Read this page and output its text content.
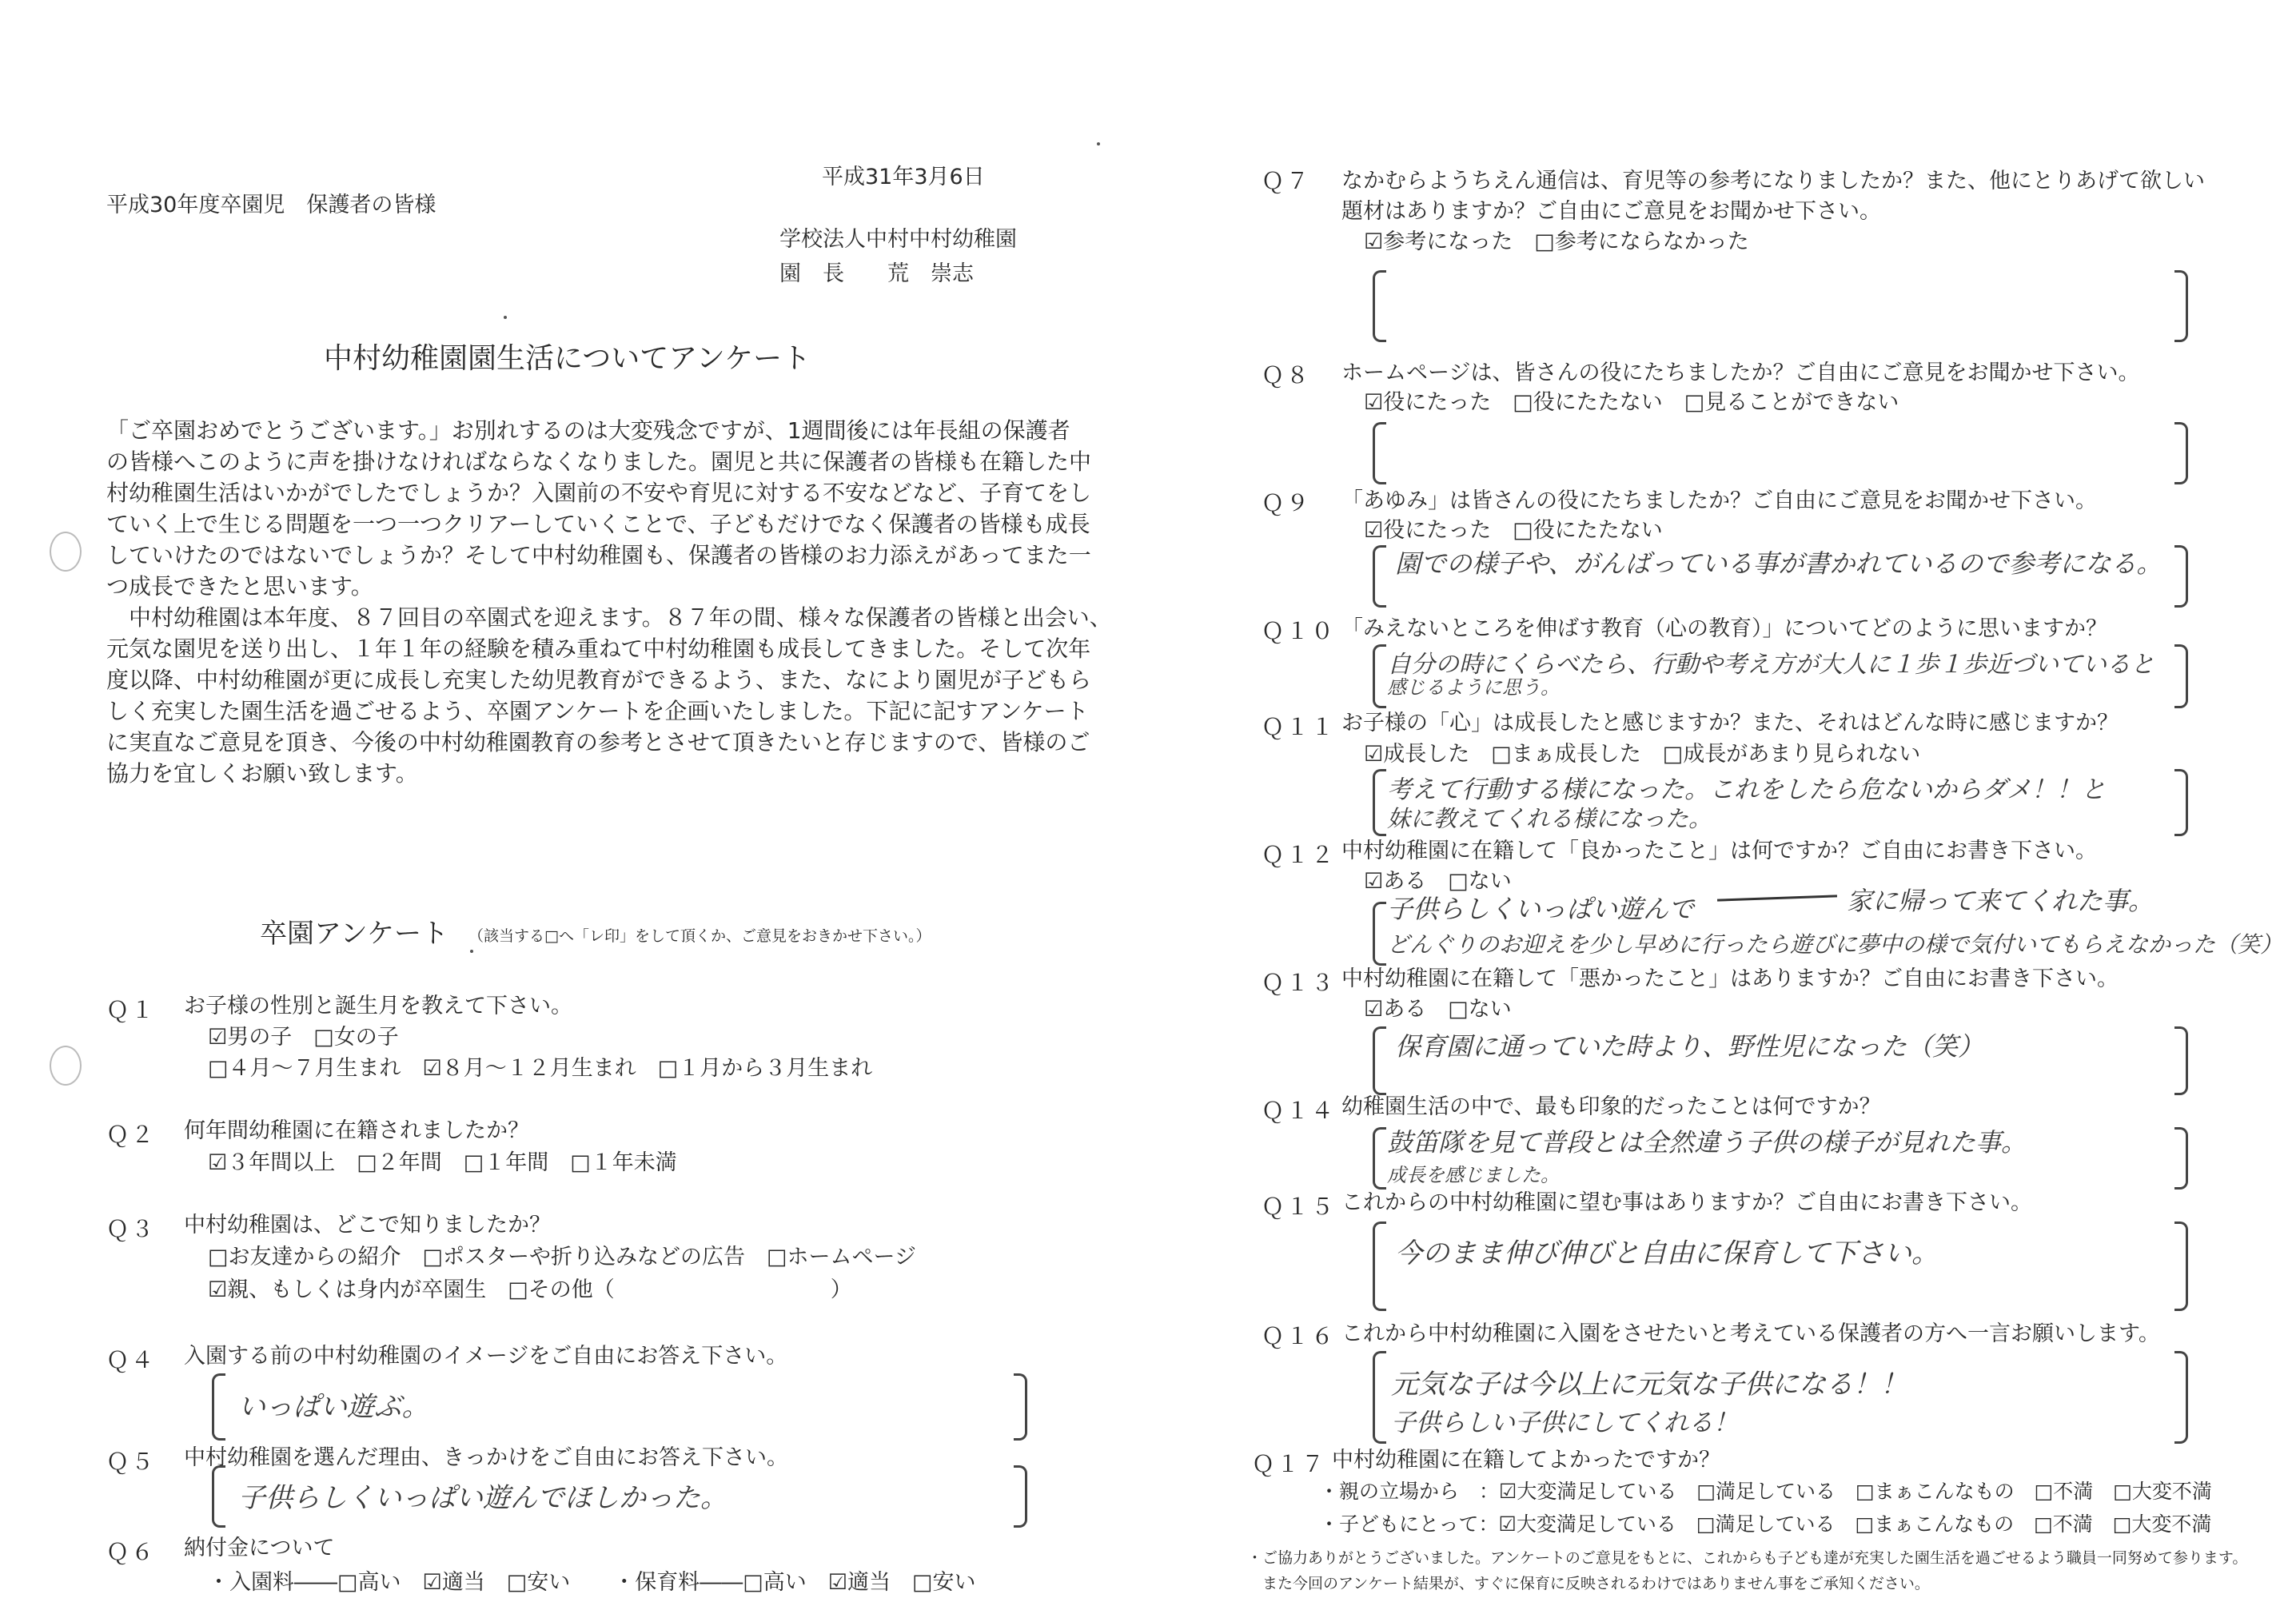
平成31年3月6日
平成30年度卒園児　保護者の皆様
学校法人中村中村幼稚園
園　長　　荒　崇志
中村幼稚園園生活についてアンケート

「ご卒園おめでとうございます。」お別れするのは大変残念ですが、1週間後には年長組の保護者

の皆様へこのように声を掛けなければならなくなりました。園児と共に保護者の皆様も在籍した中

村幼稚園生活はいかがでしたでしょうか？入園前の不安や育児に対する不安などなど、子育てをし

ていく上で生じる問題を一つ一つクリアーしていくことで、子どもだけでなく保護者の皆様も成長

していけたのではないでしょうか？そして中村幼稚園も、保護者の皆様のお力添えがあってまた一

つ成長できたと思います。

　中村幼稚園は本年度、８７回目の卒園式を迎えます。８７年の間、様々な保護者の皆様と出会い、

元気な園児を送り出し、１年１年の経験を積み重ねて中村幼稚園も成長してきました。そして次年

度以降、中村幼稚園が更に成長し充実した幼児教育ができるよう、また、なにより園児が子どもら

しく充実した園生活を過ごせるよう、卒園アンケートを企画いたしました。下記に記すアンケート

に実直なご意見を頂き、今後の中村幼稚園教育の参考とさせて頂きたいと存じますので、皆様のご

協力を宜しくお願い致します。

卒園アンケート （該当する□へ「レ印」をして頂くか、ご意見をおきかせ下さい。）
Ｑ１ お子様の性別と誕生月を教えて下さい。
☑男の子　□女の子
□４月～７月生まれ　☑８月～１２月生まれ　□１月から３月生まれ
Ｑ２ 何年間幼稚園に在籍されましたか？
☑３年間以上　□２年間　□１年間　□１年未満
Ｑ３ 中村幼稚園は、どこで知りましたか？
□お友達からの紹介　□ポスターや折り込みなどの広告　□ホームページ
☑親、もしくは身内が卒園生　□その他（　　　　　　　　　　）
Ｑ４ 入園する前の中村幼稚園のイメージをご自由にお答え下さい。
いっぱい遊ぶ。
Ｑ５ 中村幼稚園を選んだ理由、きっかけをご自由にお答え下さい。
子供らしくいっぱい遊んでほしかった。
Ｑ６ 納付金について
・入園料――□高い　☑適当　□安い　　・保育料――□高い　☑適当　□安い
Ｑ７ なかむらようちえん通信は、育児等の参考になりましたか？また、他にとりあげて欲しい
題材はありますか？ご自由にご意見をお聞かせ下さい。
☑参考になった　□参考にならなかった
Ｑ８ ホームページは、皆さんの役にたちましたか？ご自由にご意見をお聞かせ下さい。
☑役にたった　□役にたたない　□見ることができない
Ｑ９ 「あゆみ」は皆さんの役にたちましたか？ご自由にご意見をお聞かせ下さい。
☑役にたった　□役にたたない
園での様子や、がんばっている事が書かれているので参考になる。
Ｑ１０ 「みえないところを伸ばす教育（心の教育）」についてどのように思いますか？
自分の時にくらべたら、行動や考え方が大人に１歩１歩近づいていると
感じるように思う。
Ｑ１１ お子様の「心」は成長したと感じますか？また、それはどんな時に感じますか？
☑成長した　□まぁ成長した　□成長があまり見られない
考えて行動する様になった。これをしたら危ないからダメ！！と
妹に教えてくれる様になった。
Ｑ１２ 中村幼稚園に在籍して「良かったこと」は何ですか？ご自由にお書き下さい。
☑ある　□ない
子供らしくいっぱい遊んで	家に帰って来てくれた事。
どんぐりのお迎えを少し早めに行ったら遊びに夢中の様で気付いてもらえなかった（笑）
Ｑ１３ 中村幼稚園に在籍して「悪かったこと」はありますか？ご自由にお書き下さい。
☑ある　□ない
保育園に通っていた時より、野性児になった（笑）
Ｑ１４ 幼稚園生活の中で、最も印象的だったことは何ですか？
鼓笛隊を見て普段とは全然違う子供の様子が見れた事。
成長を感じました。
Ｑ１５ これからの中村幼稚園に望む事はありますか？ご自由にお書き下さい。
今のまま伸び伸びと自由に保育して下さい。
Ｑ１６ これから中村幼稚園に入園をさせたいと考えている保護者の方へ一言お願いします。
元気な子は今以上に元気な子供になる！！
子供らしい子供にしてくれる！
Ｑ１７ 中村幼稚園に在籍してよかったですか？
・親の立場から　：☑大変満足している　□満足している　□まぁこんなもの　□不満　□大変不満
・子どもにとって：☑大変満足している　□満足している　□まぁこんなもの　□不満　□大変不満
・ご協力ありがとうございました。アンケートのご意見をもとに、これからも子ども達が充実した園生活を過ごせるよう職員一同努めて参ります。
　また今回のアンケート結果が、すぐに保育に反映されるわけではありません事をご承知ください。
